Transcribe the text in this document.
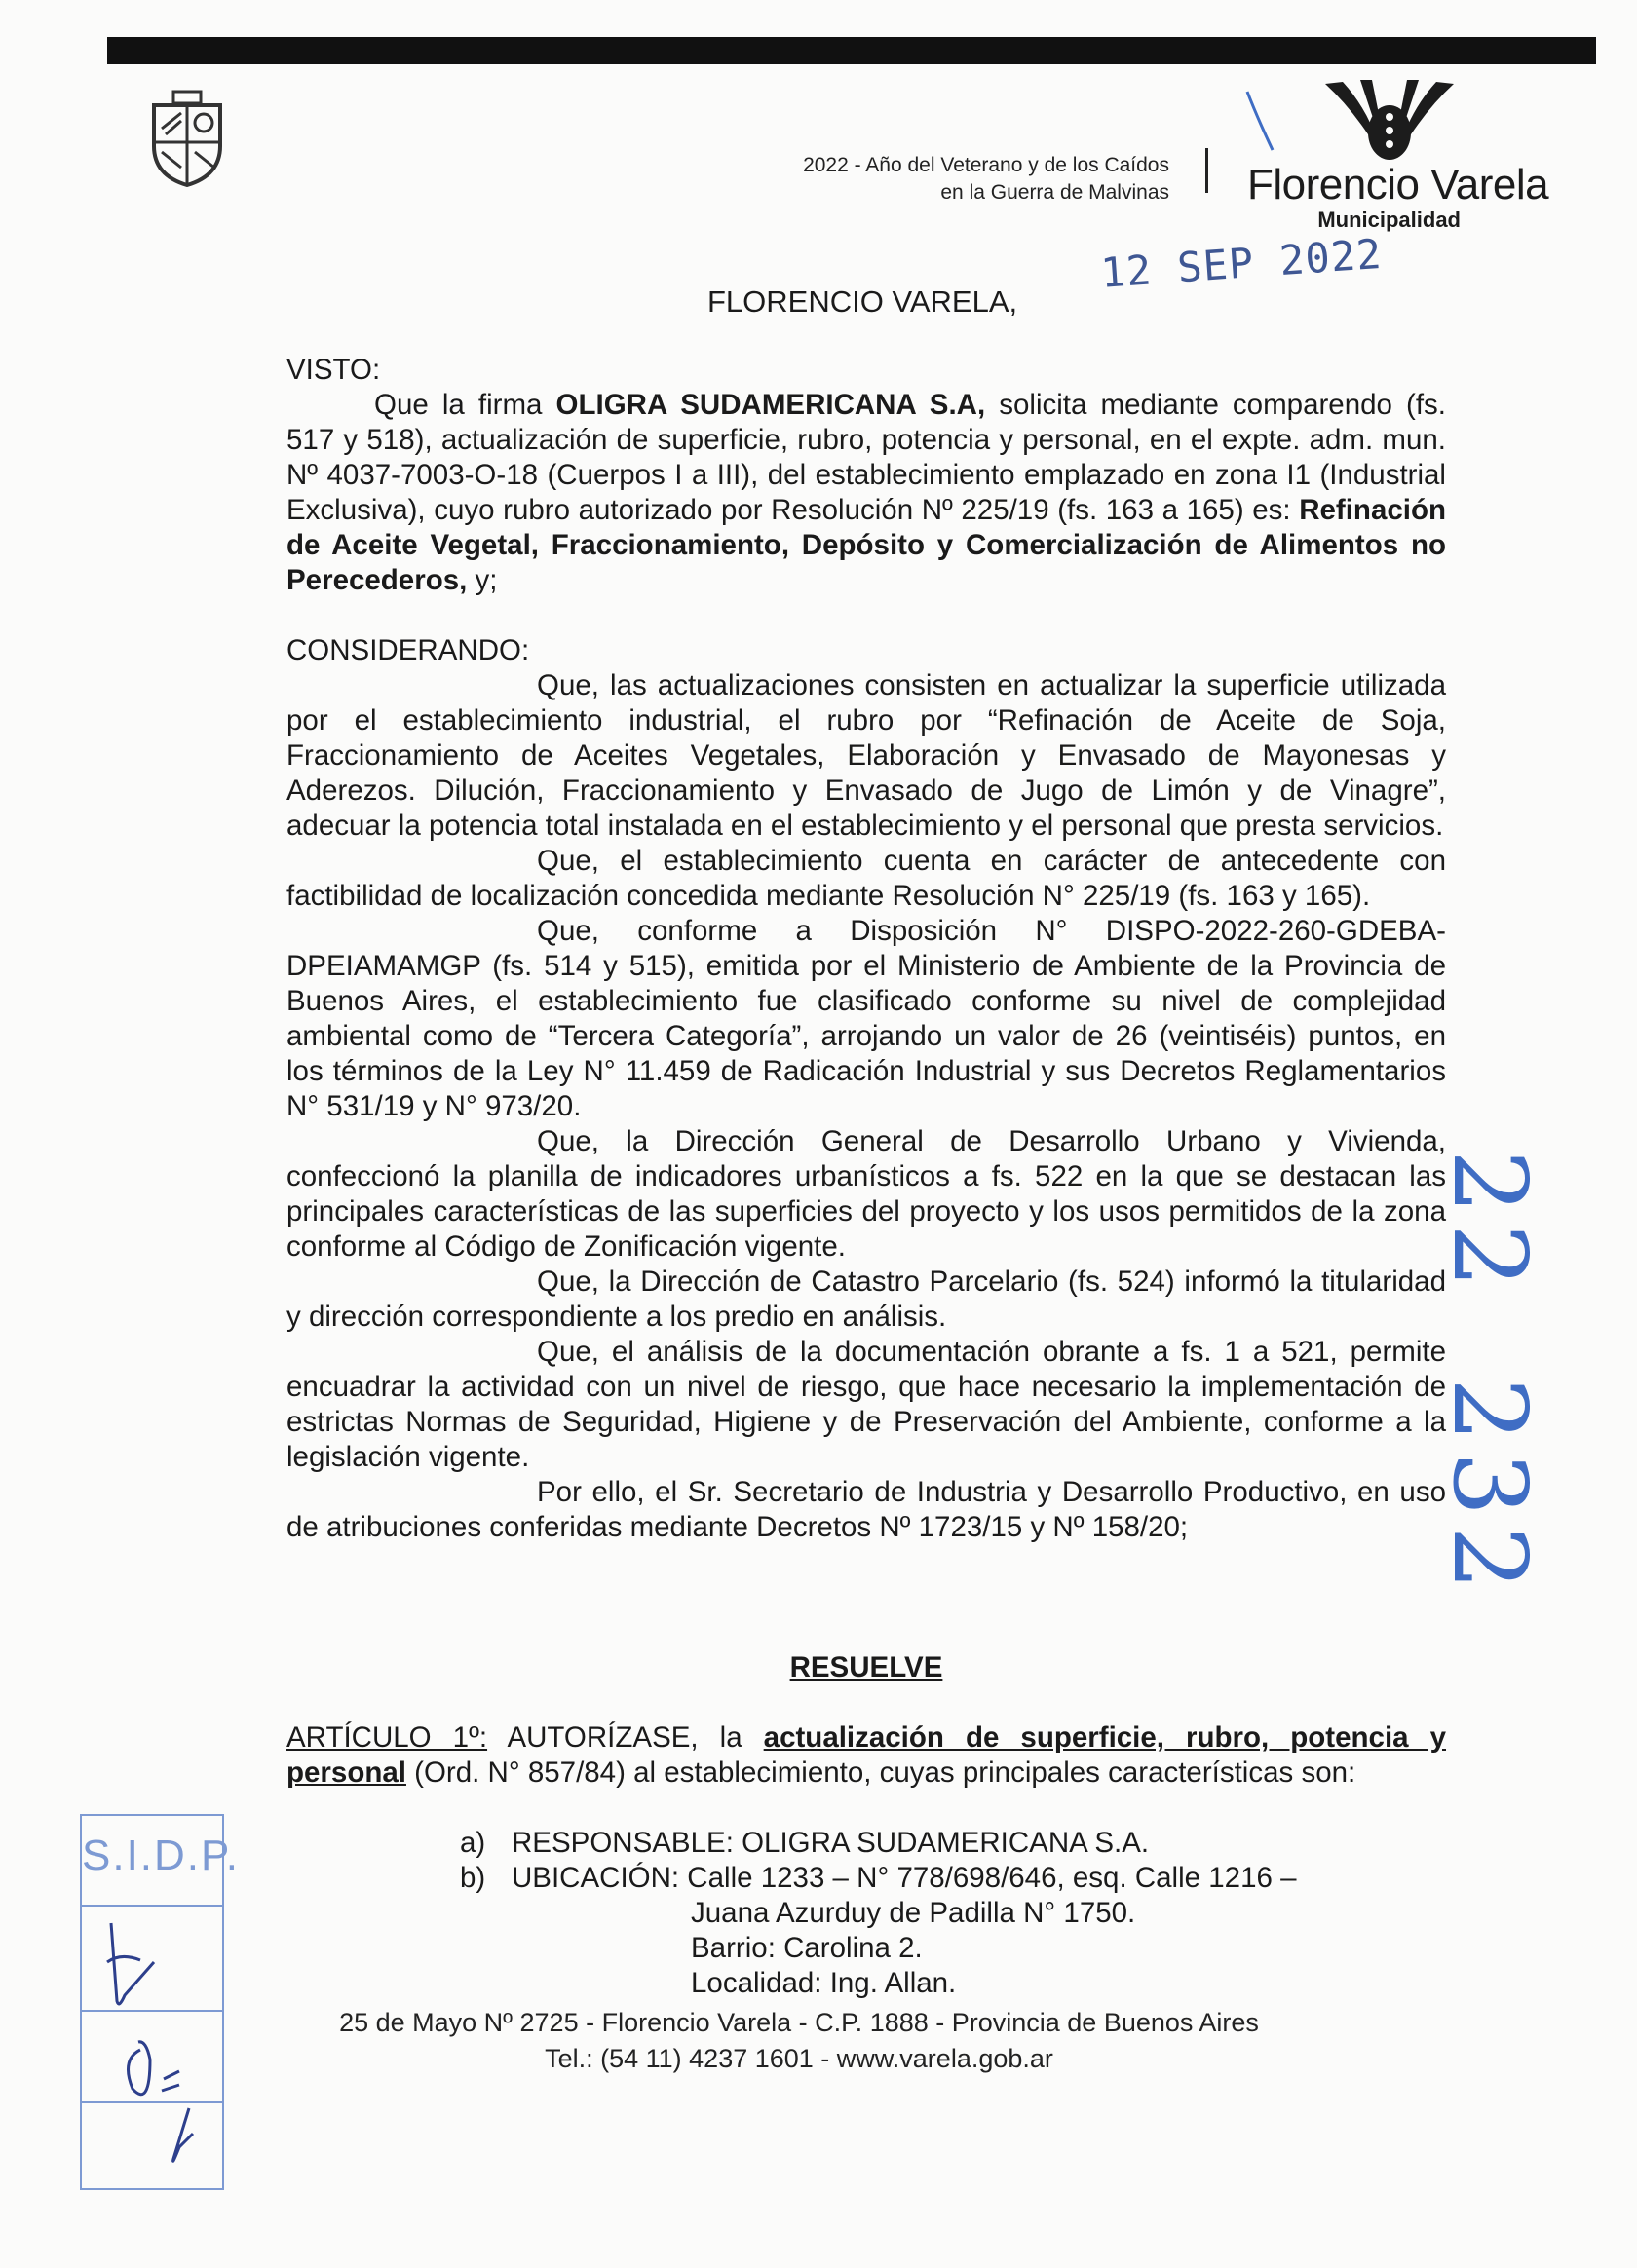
2022 - Año del Veterano y de los Caídos
en la Guerra de Malvinas Florencio Varela
Municipalidad
FLORENCIO VARELA,
12 SEP 2022

VISTO:

Que la firma OLIGRA SUDAMERICANA S.A, solicita mediante comparendo (fs. 517 y 518), actualización de superficie, rubro, potencia y personal, en el expte. adm. mun. Nº 4037-7003-O-18 (Cuerpos I a III), del establecimiento emplazado en zona I1 (Industrial Exclusiva), cuyo rubro autorizado por Resolución Nº 225/19 (fs. 163 a 165) es: Refinación de Aceite Vegetal, Fraccionamiento, Depósito y Comercialización de Alimentos no Perecederos, y;

CONSIDERANDO:

Que, las actualizaciones consisten en actualizar la superficie utilizada por el establecimiento industrial, el rubro por “Refinación de Aceite de Soja, Fraccionamiento de Aceites Vegetales, Elaboración y Envasado de Mayonesas y Aderezos. Dilución, Fraccionamiento y Envasado de Jugo de Limón y de Vinagre”, adecuar la potencia total instalada en el establecimiento y el personal que presta servicios.

Que, el establecimiento cuenta en carácter de antecedente con factibilidad de localización concedida mediante Resolución N° 225/19 (fs. 163 y 165).

Que, conforme a Disposición N° DISPO-2022-260-GDEBA-DPEIAMAMGP (fs. 514 y 515), emitida por el Ministerio de Ambiente de la Provincia de Buenos Aires, el establecimiento fue clasificado conforme su nivel de complejidad ambiental como de “Tercera Categoría”, arrojando un valor de 26 (veintiséis) puntos, en los términos de la Ley N° 11.459 de Radicación Industrial y sus Decretos Reglamentarios N° 531/19 y N° 973/20.

Que, la Dirección General de Desarrollo Urbano y Vivienda, confeccionó la planilla de indicadores urbanísticos a fs. 522 en la que se destacan las principales características de las superficies del proyecto y los usos permitidos de la zona conforme al Código de Zonificación vigente.

Que, la Dirección de Catastro Parcelario (fs. 524) informó la titularidad y dirección correspondiente a los predio en análisis.

Que, el análisis de la documentación obrante a fs. 1 a 521, permite encuadrar la actividad con un nivel de riesgo, que hace necesario la implementación de estrictas Normas de Seguridad, Higiene y de Preservación del Ambiente, conforme a la legislación vigente.

Por ello, el Sr. Secretario de Industria y Desarrollo Productivo, en uso de atribuciones conferidas mediante Decretos Nº 1723/15 y Nº 158/20;

RESUELVE

ARTÍCULO 1º: AUTORÍZASE, la actualización de superficie, rubro, potencia y personal (Ord. N° 857/84) al establecimiento, cuyas principales características son:

a) RESPONSABLE: OLIGRA SUDAMERICANA S.A.
b) UBICACIÓN: Calle 1233 – N° 778/698/646, esq. Calle 1216 –

Juana Azurduy de Padilla N° 1750.

Barrio: Carolina 2.

Localidad: Ing. Allan.

22
232
S.I.D.P.
25 de Mayo Nº 2725 - Florencio Varela - C.P. 1888 - Provincia de Buenos Aires
Tel.: (54 11) 4237 1601 - www.varela.gob.ar
